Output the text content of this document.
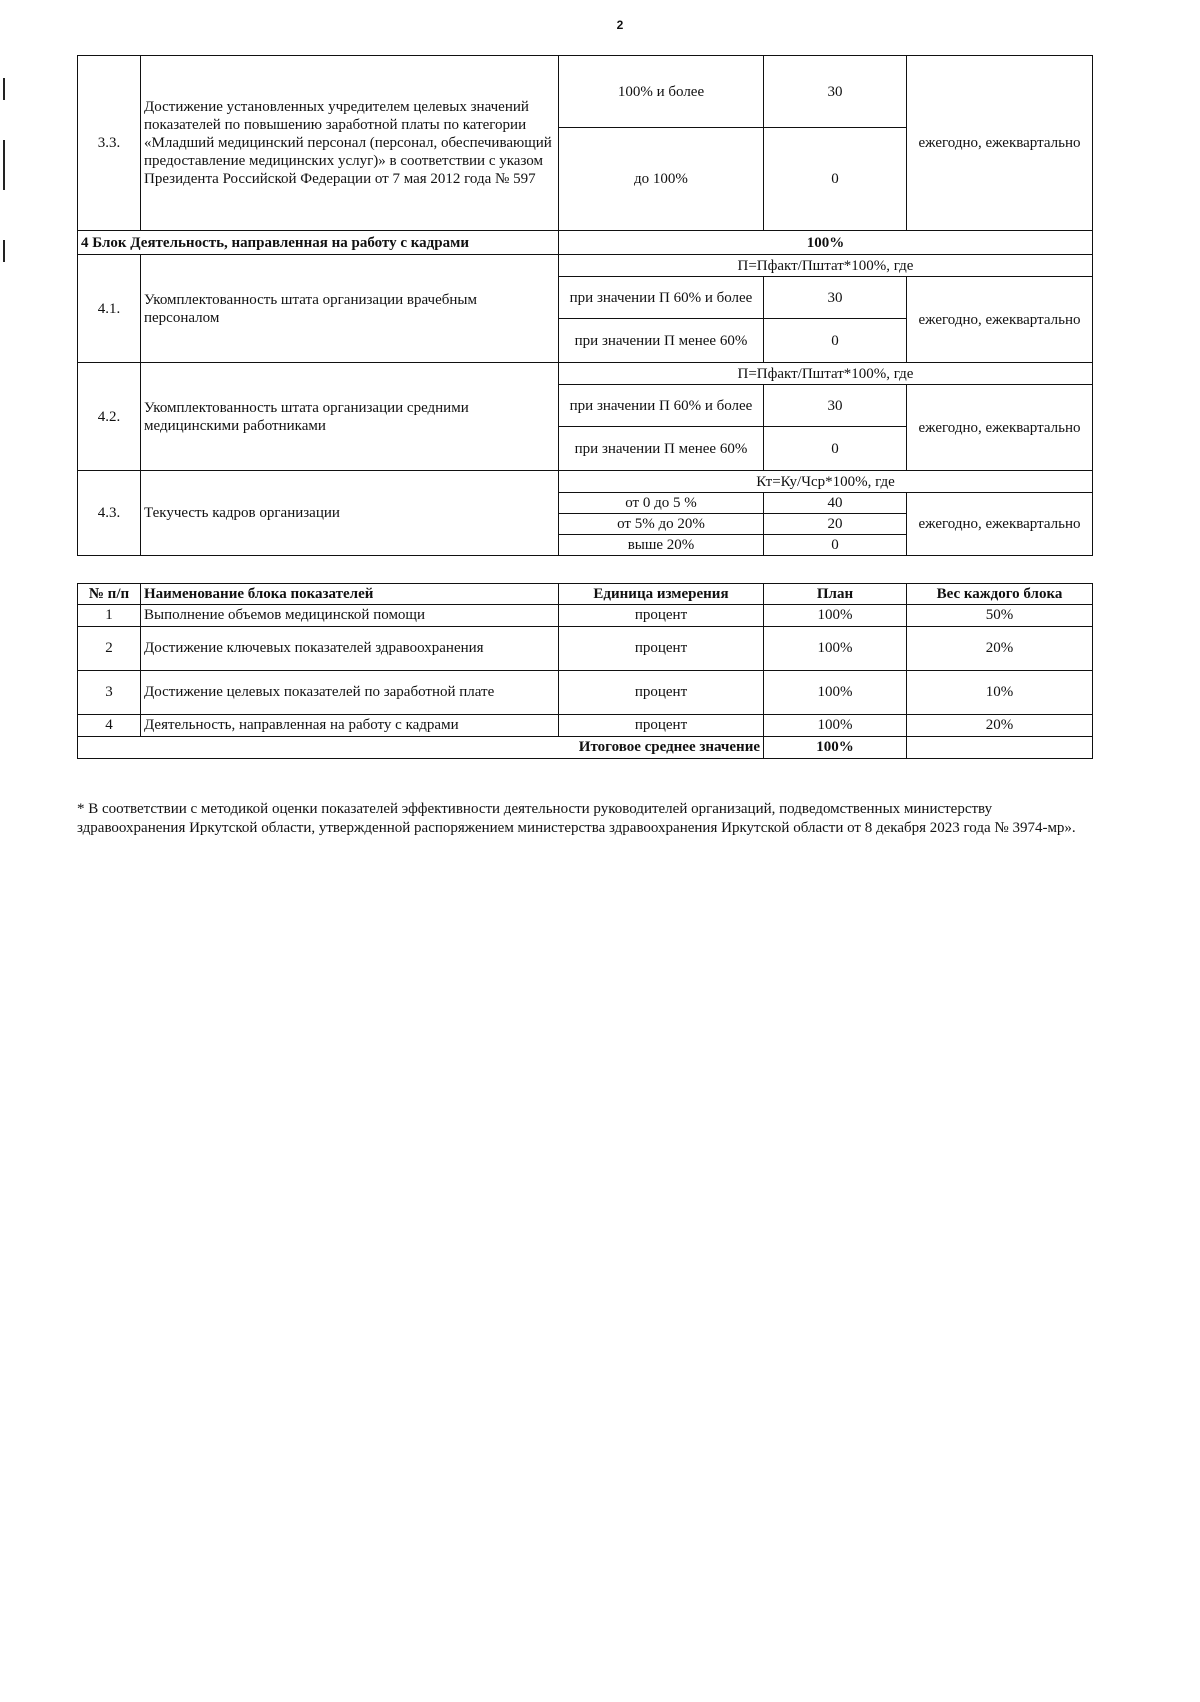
2
3.3.	Достижение установленных учредителем целевых значений показателей по повышению заработной платы по категории «Младший медицинский персонал (персонал, обеспечивающий предоставление медицинских услуг)» в соответствии с указом Президента Российской Федерации от 7 мая 2012 года № 597	100% и более	30	ежегодно, ежеквартально
		до 100%	0	
4 Блок Деятельность, направленная на работу с кадрами		100%		
4.1.	Укомплектованность штата организации врачебным персоналом	П=Пфакт/Пштат*100%, где		
		при значении П 60% и более	30	ежегодно, ежеквартально
		при значении П менее 60%	0	
4.2.	Укомплектованность штата организации средними медицинскими работниками	П=Пфакт/Пштат*100%, где		
		при значении П 60% и более	30	ежегодно, ежеквартально
		при значении П менее 60%	0	
4.3.	Текучесть кадров организации	Кт=Ку/Чср*100%, где		
		от 0 до 5 %	40	ежегодно, ежеквартально
		от 5% до 20%	20	
		выше 20%	0	
№ п/п	Наименование блока показателей	Единица измерения	План	Вес каждого блока
1	Выполнение объемов медицинской помощи	процент	100%	50%
2	Достижение ключевых показателей здравоохранения	процент	100%	20%
3	Достижение целевых показателей по заработной плате	процент	100%	10%
4	Деятельность, направленная на работу с кадрами	процент	100%	20%
Итоговое среднее значение			100%	
* В соответствии с методикой оценки показателей эффективности деятельности руководителей организаций, подведомственных министерству здравоохранения Иркутской области, утвержденной распоряжением министерства здравоохранения Иркутской области от 8 декабря 2023 года № 3974-мр».
